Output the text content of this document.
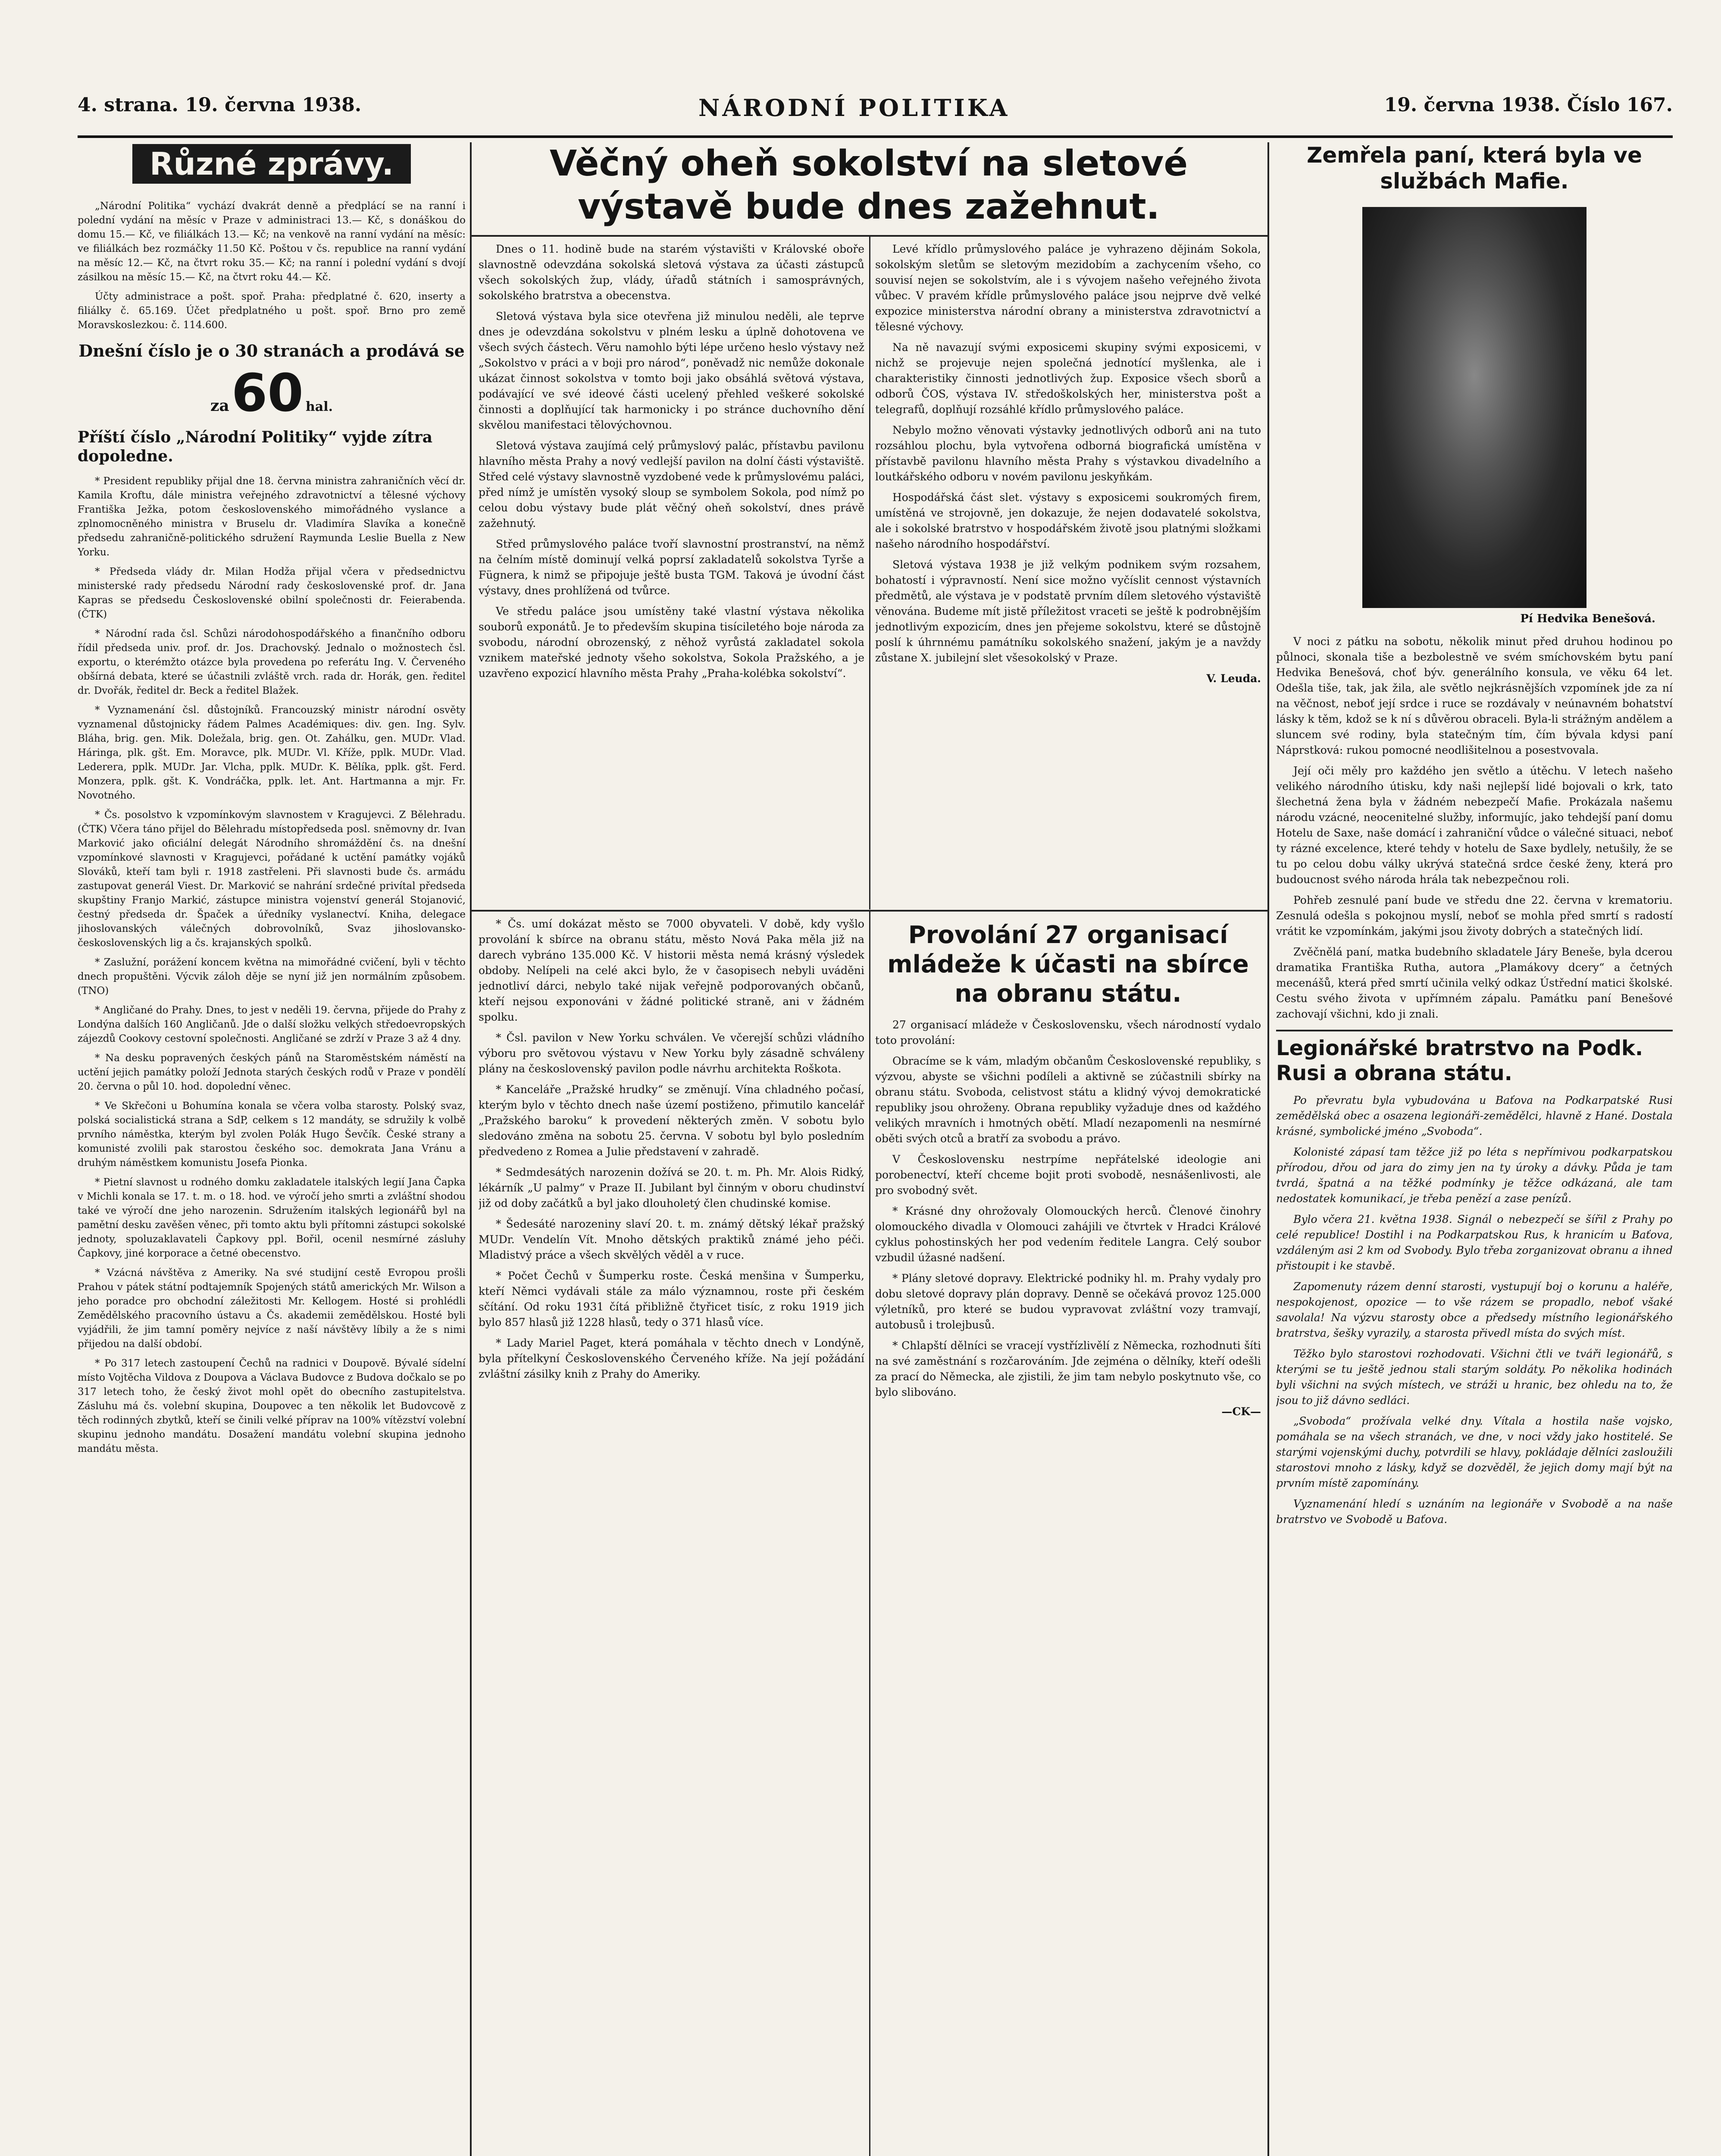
4. strana. 19. června 1938.	NÁRODNÍ POLITIKA	19. června 1938. Číslo 167.
Různé zprávy.

„Národní Politika“ vychází dvakrát denně a předplácí se na ranní i polední vydání na měsíc v Praze v administraci 13.— Kč, s donáškou do domu 15.— Kč, ve filiálkách 13.— Kč; na venkově na ranní vydání na měsíc: ve filiálkách bez rozmáčky 11.50 Kč. Poštou v čs. republice na ranní vydání na měsíc 12.— Kč, na čtvrt roku 35.— Kč; na ranní i polední vydání s dvojí zásilkou na měsíc 15.— Kč, na čtvrt roku 44.— Kč.

Účty administrace a pošt. spoř. Praha: předplatné č. 620, inserty a filiálky č. 65.169. Účet předplatného u pošt. spoř. Brno pro země Moravskoslezkou: č. 114.600.

Dnešní číslo je o 30 stranách a prodává se
za 60 hal.
Příští číslo „Národní Politiky“ vyjde zítra dopoledne.

* President republiky přijal dne 18. června ministra zahraničních věcí dr. Kamila Kroftu, dále ministra veřejného zdravotnictví a tělesné výchovy Františka Ježka, potom československého mimořádného vyslance a zplnomocněného ministra v Bruselu dr. Vladimíra Slavíka a konečně předsedu zahraničně-politického sdružení Raymunda Leslie Buella z New Yorku.

* Předseda vlády dr. Milan Hodža přijal včera v předsednictvu ministerské rady předsedu Národní rady československé prof. dr. Jana Kapras se předsedu Československé obilní společnosti dr. Feierabenda. (ČTK)

* Národní rada čsl. Schůzi národohospodářského a finančního odboru řídil předseda univ. prof. dr. Jos. Drachovský. Jednalo o možnostech čsl. exportu, o kterémžto otázce byla provedena po referátu Ing. V. Červeného obšírná debata, které se účastnili zvláště vrch. rada dr. Horák, gen. ředitel dr. Dvořák, ředitel dr. Beck a ředitel Blažek.

* Vyznamenání čsl. důstojníků. Francouzský ministr národní osvěty vyznamenal důstojnicky řádem Palmes Académiques: div. gen. Ing. Sylv. Bláha, brig. gen. Mik. Doležala, brig. gen. Ot. Zahálku, gen. MUDr. Vlad. Háringa, plk. gšt. Em. Moravce, plk. MUDr. Vl. Kříže, pplk. MUDr. Vlad. Lederera, pplk. MUDr. Jar. Vlcha, pplk. MUDr. K. Bělíka, pplk. gšt. Ferd. Monzera, pplk. gšt. K. Vondráčka, pplk. let. Ant. Hartmanna a mjr. Fr. Novotného.

* Čs. posolstvo k vzpomínkovým slavnostem v Kragujevci. Z Bělehradu. (ČTK) Včera táno přijel do Bělehradu místopředseda posl. sněmovny dr. Ivan Marković jako oficiální delegát Národního shromáždění čs. na dnešní vzpomínkové slavnosti v Kragujevci, pořádané k uctění památky vojáků Slováků, kteří tam byli r. 1918 zastřeleni. Při slavnosti bude čs. armádu zastupovat generál Viest. Dr. Marković se nahrání srdečné privítal předseda skupštiny Franjo Markić, zástupce ministra vojenství generál Stojanović, čestný předseda dr. Špaček a úředníky vyslanectví. Kniha, delegace jihoslovanských válečných dobrovolníků, Svaz jihoslovansko-československých lig a čs. krajanských spolků.

* Zaslužní, porážení koncem května na mimořádné cvičení, byli v těchto dnech propuštěni. Výcvik záloh děje se nyní již jen normálním způsobem. (TNO)

* Angličané do Prahy. Dnes, to jest v neděli 19. června, přijede do Prahy z Londýna dalších 160 Angličanů. Jde o další složku velkých středoevropských zájezdů Cookovy cestovní společnosti. Angličané se zdrží v Praze 3 až 4 dny.

* Na desku popravených českých pánů na Staroměstském náměstí na uctění jejich památky položí Jednota starých českých rodů v Praze v pondělí 20. června o půl 10. hod. dopolední věnec.

* Ve Skřečoni u Bohumína konala se včera volba starosty. Polský svaz, polská socialistická strana a SdP, celkem s 12 mandáty, se sdružily k volbě prvního náměstka, kterým byl zvolen Polák Hugo Ševčík. České strany a komunisté zvolili pak starostou českého soc. demokrata Jana Vránu a druhým náměstkem komunistu Josefa Pionka.

* Pietní slavnost u rodného domku zakladatele italských legií Jana Čapka v Michli konala se 17. t. m. o 18. hod. ve výročí jeho smrti a zvláštní shodou také ve výročí dne jeho narozenin. Sdružením italských legionářů byl na pamětní desku zavěšen věnec, při tomto aktu byli přítomni zástupci sokolské jednoty, spoluzaklavateli Čapkovy ppl. Bořil, ocenil nesmírné zásluhy Čapkovy, jiné korporace a četné obecenstvo.

* Vzácná návštěva z Ameriky. Na své studijní cestě Evropou prošli Prahou v pátek státní podtajemník Spojených států amerických Mr. Wilson a jeho poradce pro obchodní záležitosti Mr. Kellogem. Hosté si prohlédli Zemědělského pracovního ústavu a Čs. akademii zemědělskou. Hosté byli vyjádřili, že jim tamní poměry nejvíce z naší návštěvy líbily a že s nimi přijedou na další období.

* Po 317 letech zastoupení Čechů na radnici v Doupově. Bývalé sídelní místo Vojtěcha Vildova z Doupova a Václava Budovce z Budova dočkalo se po 317 letech toho, že český život mohl opět do obecního zastupitelstva. Zásluhu má čs. volební skupina, Doupovec a ten několik let Budovcově z těch rodinných zbytků, kteří se činili velké příprav na 100% vítězství volební skupinu jednoho mandátu. Dosažení mandátu volební skupina jednoho mandátu města.

Věčný oheň sokolství na sletové výstavě bude dnes zažehnut.

Dnes o 11. hodině bude na starém výstavišti v Královské oboře slavnostně odevzdána sokolská sletová výstava za účasti zástupců všech sokolských žup, vlády, úřadů státních i samosprávných, sokolského bratrstva a obecenstva.

Sletová výstava byla sice otevřena již minulou neděli, ale teprve dnes je odevzdána sokolstvu v plném lesku a úplně dohotovena ve všech svých částech. Věru namohlo býti lépe určeno heslo výstavy než „Sokolstvo v práci a v boji pro národ“, poněvadž nic nemůže dokonale ukázat činnost sokolstva v tomto boji jako obsáhlá světová výstava, podávající ve své ideové části ucelený přehled veškeré sokolské činnosti a doplňující tak harmonicky i po stránce duchovního dění skvělou manifestaci tělovýchovnou.

Sletová výstava zaujímá celý průmyslový palác, přístavbu pavilonu hlavního města Prahy a nový vedlejší pavilon na dolní části výstaviště. Střed celé výstavy slavnostně vyzdobené vede k průmyslovému paláci, před nímž je umístěn vysoký sloup se symbolem Sokola, pod nímž po celou dobu výstavy bude plát věčný oheň sokolství, dnes právě zažehnutý.

Střed průmyslového paláce tvoří slavnostní prostranství, na němž na čelním místě dominují velká poprsí zakladatelů sokolstva Tyrše a Fügnera, k nimž se připojuje ještě busta TGM. Taková je úvodní část výstavy, dnes prohlížená od tvůrce.

Ve středu paláce jsou umístěny také vlastní výstava několika souborů exponátů. Je to především skupina tisíciletého boje národa za svobodu, národní obrozenský, z něhož vyrůstá zakladatel sokola vznikem mateřské jednoty všeho sokolstva, Sokola Pražského, a je uzavřeno expozicí hlavního města Prahy „Praha-kolébka sokolství“.

Levé křídlo průmyslového paláce je vyhrazeno dějinám Sokola, sokolským sletům se sletovým mezidobím a zachycením všeho, co souvisí nejen se sokolstvím, ale i s vývojem našeho veřejného života vůbec. V pravém křídle průmyslového paláce jsou nejprve dvě velké expozice ministerstva národní obrany a ministerstva zdravotnictví a tělesné výchovy.

Na ně navazují svými exposicemi skupiny svými exposicemi, v nichž se projevuje nejen společná jednotící myšlenka, ale i charakteristiky činnosti jednotlivých žup. Exposice všech sborů a odborů ČOS, výstava IV. středoškolských her, ministerstva pošt a telegrafů, doplňují rozsáhlé křídlo průmyslového paláce.

Nebylo možno věnovati výstavky jednotlivých odborů ani na tuto rozsáhlou plochu, byla vytvořena odborná biografická umístěna v přístavbě pavilonu hlavního města Prahy s výstavkou divadelního a loutkářského odboru v novém pavilonu jeskyňkám.

Hospodářská část slet. výstavy s exposicemi soukromých firem, umístěná ve strojovně, jen dokazuje, že nejen dodavatelé sokolstva, ale i sokolské bratrstvo v hospodářském životě jsou platnými složkami našeho národního hospodářství.

Sletová výstava 1938 je již velkým podnikem svým rozsahem, bohatostí i výpravností. Není sice možno vyčíslit cennost výstavních předmětů, ale výstava je v podstatě prvním dílem sletového výstaviště věnována. Budeme mít jistě příležitost vraceti se ještě k podrobnějším jednotlivým expozicím, dnes jen přejeme sokolstvu, které se důstojně poslí k úhrnnému památníku sokolského snažení, jakým je a navždy zůstane X. jubilejní slet všesokolský v Praze.

V. Leuda.

* Čs. umí dokázat město se 7000 obyvateli. V době, kdy vyšlo provolání k sbírce na obranu státu, město Nová Paka měla již na darech vybráno 135.000 Kč. V historii města nemá krásný výsledek obdoby. Nelípeli na celé akci bylo, že v časopisech nebyli uváděni jednotliví dárci, nebylo také nijak veřejně podporovaných občanů, kteří nejsou exponováni v žádné politické straně, ani v žádném spolku.

* Čsl. pavilon v New Yorku schválen. Ve včerejší schůzi vládního výboru pro světovou výstavu v New Yorku byly zásadně schváleny plány na československý pavilon podle návrhu architekta Roškota.

* Kanceláře „Pražské hrudky“ se změnují. Vína chladného počasí, kterým bylo v těchto dnech naše území postiženo, přimutilo kancelář „Pražského baroku“ k provedení některých změn. V sobotu bylo sledováno změna na sobotu 25. června. V sobotu byl bylo posledním předvedeno z Romea a Julie představení v zahradě.

* Sedmdesátých narozenin dožívá se 20. t. m. Ph. Mr. Alois Ridký, lékárník „U palmy“ v Praze II. Jubilant byl činným v oboru chudinství již od doby začátků a byl jako dlouholetý člen chudinské komise.

* Šedesáté narozeniny slaví 20. t. m. známý dětský lékař pražský MUDr. Vendelín Vít. Mnoho dětských praktiků známé jeho péči. Mladistvý práce a všech skvělých věděl a v ruce.

* Počet Čechů v Šumperku roste. Česká menšina v Šumperku, kteří Němci vydávali stále za málo významnou, roste při českém sčítání. Od roku 1931 čítá přibližně čtyřicet tisíc, z roku 1919 jich bylo 857 hlasů již 1228 hlasů, tedy o 371 hlasů více.

* Lady Mariel Paget, která pomáhala v těchto dnech v Londýně, byla přítelkyní Československého Červeného kříže. Na její požádání zvláštní zásilky knih z Prahy do Ameriky.

Provolání 27 organisací mládeže k účasti na sbírce na obranu státu.

27 organisací mládeže v Československu, všech národností vydalo toto provolání:

Obracíme se k vám, mladým občanům Československé republiky, s výzvou, abyste se všichni podíleli a aktivně se zúčastnili sbírky na obranu státu. Svoboda, celistvost státu a klidný vývoj demokratické republiky jsou ohroženy. Obrana republiky vyžaduje dnes od každého velikých mravních i hmotných obětí. Mladí nezapomenli na nesmírné oběti svých otců a bratří za svobodu a právo.

V Československu nestrpíme nepřátelské ideologie ani porobenectví, kteří chceme bojit proti svobodě, nesnášenlivosti, ale pro svobodný svět.

* Krásné dny ohrožovaly Olomouckých herců. Členové činohry olomouckého divadla v Olomouci zahájili ve čtvrtek v Hradci Králové cyklus pohostinských her pod vedením ředitele Langra. Celý soubor vzbudil úžasné nadšení.

* Plány sletové dopravy. Elektrické podniky hl. m. Prahy vydaly pro dobu sletové dopravy plán dopravy. Denně se očekává provoz 125.000 výletníků, pro které se budou vypravovat zvláštní vozy tramvají, autobusů i trolejbusů.

* Chlapští dělníci se vracejí vystřízlivělí z Německa, rozhodnuti šíti na své zaměstnání s rozčarováním. Jde zejména o dělníky, kteří odešli za prací do Německa, ale zjistili, že jim tam nebylo poskytnuto vše, co bylo slibováno.

—CK—
Zemřela paní, která byla ve službách Mafie.
Pí Hedvika Benešová.

V noci z pátku na sobotu, několik minut před druhou hodinou po půlnoci, skonala tiše a bezbolestně ve svém smíchovském bytu paní Hedvika Benešová, choť býv. generálního konsula, ve věku 64 let. Odešla tiše, tak, jak žila, ale světlo nejkrásnějších vzpomínek jde za ní na věčnost, neboť její srdce i ruce se rozdávaly v neúnavném bohatství lásky k těm, kdož se k ní s důvěrou obraceli. Byla-li strážným andělem a sluncem své rodiny, byla statečným tím, čím bývala kdysi paní Náprstková: rukou pomocné neodlišitelnou a posestvovala.

Její oči měly pro každého jen světlo a útěchu. V letech našeho velikého národního útisku, kdy naši nejlepší lidé bojovali o krk, tato šlechetná žena byla v žádném nebezpečí Mafie. Prokázala našemu národu vzácné, neocenitelné služby, informujíc, jako tehdejší paní domu Hotelu de Saxe, naše domácí i zahraniční vůdce o válečné situaci, neboť ty rázné excelence, které tehdy v hotelu de Saxe bydlely, netušily, že se tu po celou dobu války ukrývá statečná srdce české ženy, která pro budoucnost svého národa hrála tak nebezpečnou roli.

Pohřeb zesnulé paní bude ve středu dne 22. června v krematoriu. Zesnulá odešla s pokojnou myslí, neboť se mohla před smrtí s radostí vrátit ke vzpomínkám, jakými jsou životy dobrých a statečných lidí.

Zvěčnělá paní, matka budebního skladatele Járy Beneše, byla dcerou dramatika Františka Rutha, autora „Plamákovy dcery“ a četných mecenášů, která před smrtí učinila velký odkaz Ústřední matici školské. Cestu svého života v upřímném zápalu. Památku paní Benešové zachovají všichni, kdo ji znali.

Legionářské bratrstvo na Podk. Rusi a obrana státu.

Po převratu byla vybudována u Baťova na Podkarpatské Rusi zemědělská obec a osazena legionáři-zemědělci, hlavně z Hané. Dostala krásné, symbolické jméno „Svoboda“.

Kolonisté zápasí tam těžce již po léta s nepřímivou podkarpatskou přírodou, dřou od jara do zimy jen na ty úroky a dávky. Půda je tam tvrdá, špatná a na těžké podmínky je těžce odkázaná, ale tam nedostatek komunikací, je třeba penězí a zase penízů.

Bylo včera 21. května 1938. Signál o nebezpečí se šířil z Prahy po celé republice! Dostihl i na Podkarpatskou Rus, k hranicím u Baťova, vzdáleným asi 2 km od Svobody. Bylo třeba zorganizovat obranu a ihned přistoupit i ke stavbě.

Zapomenuty rázem denní starosti, vystupují boj o korunu a haléře, nespokojenost, opozice — to vše rázem se propadlo, neboť všaké savolala! Na výzvu starosty obce a předsedy místního legionářského bratrstva, šešky vyrazily, a starosta přivedl místa do svých míst.

Těžko bylo starostovi rozhodovati. Všichni čtli ve tváři legionářů, s kterými se tu ještě jednou stali starým soldáty. Po několika hodinách byli všichni na svých místech, ve stráži u hranic, bez ohledu na to, že jsou to již dávno sedláci.

„Svoboda“ prožívala velké dny. Vítala a hostila naše vojsko, pomáhala se na všech stranách, ve dne, v noci vždy jako hostitelé. Se starými vojenskými duchy, potvrdili se hlavy, pokládaje dělníci zasloužili starostovi mnoho z lásky, když se dozvěděl, že jejich domy mají být na prvním místě zapomínány.

Vyznamenání hledí s uznáním na legionáře v Svobodě a na naše bratrstvo ve Svobodě u Baťova.
